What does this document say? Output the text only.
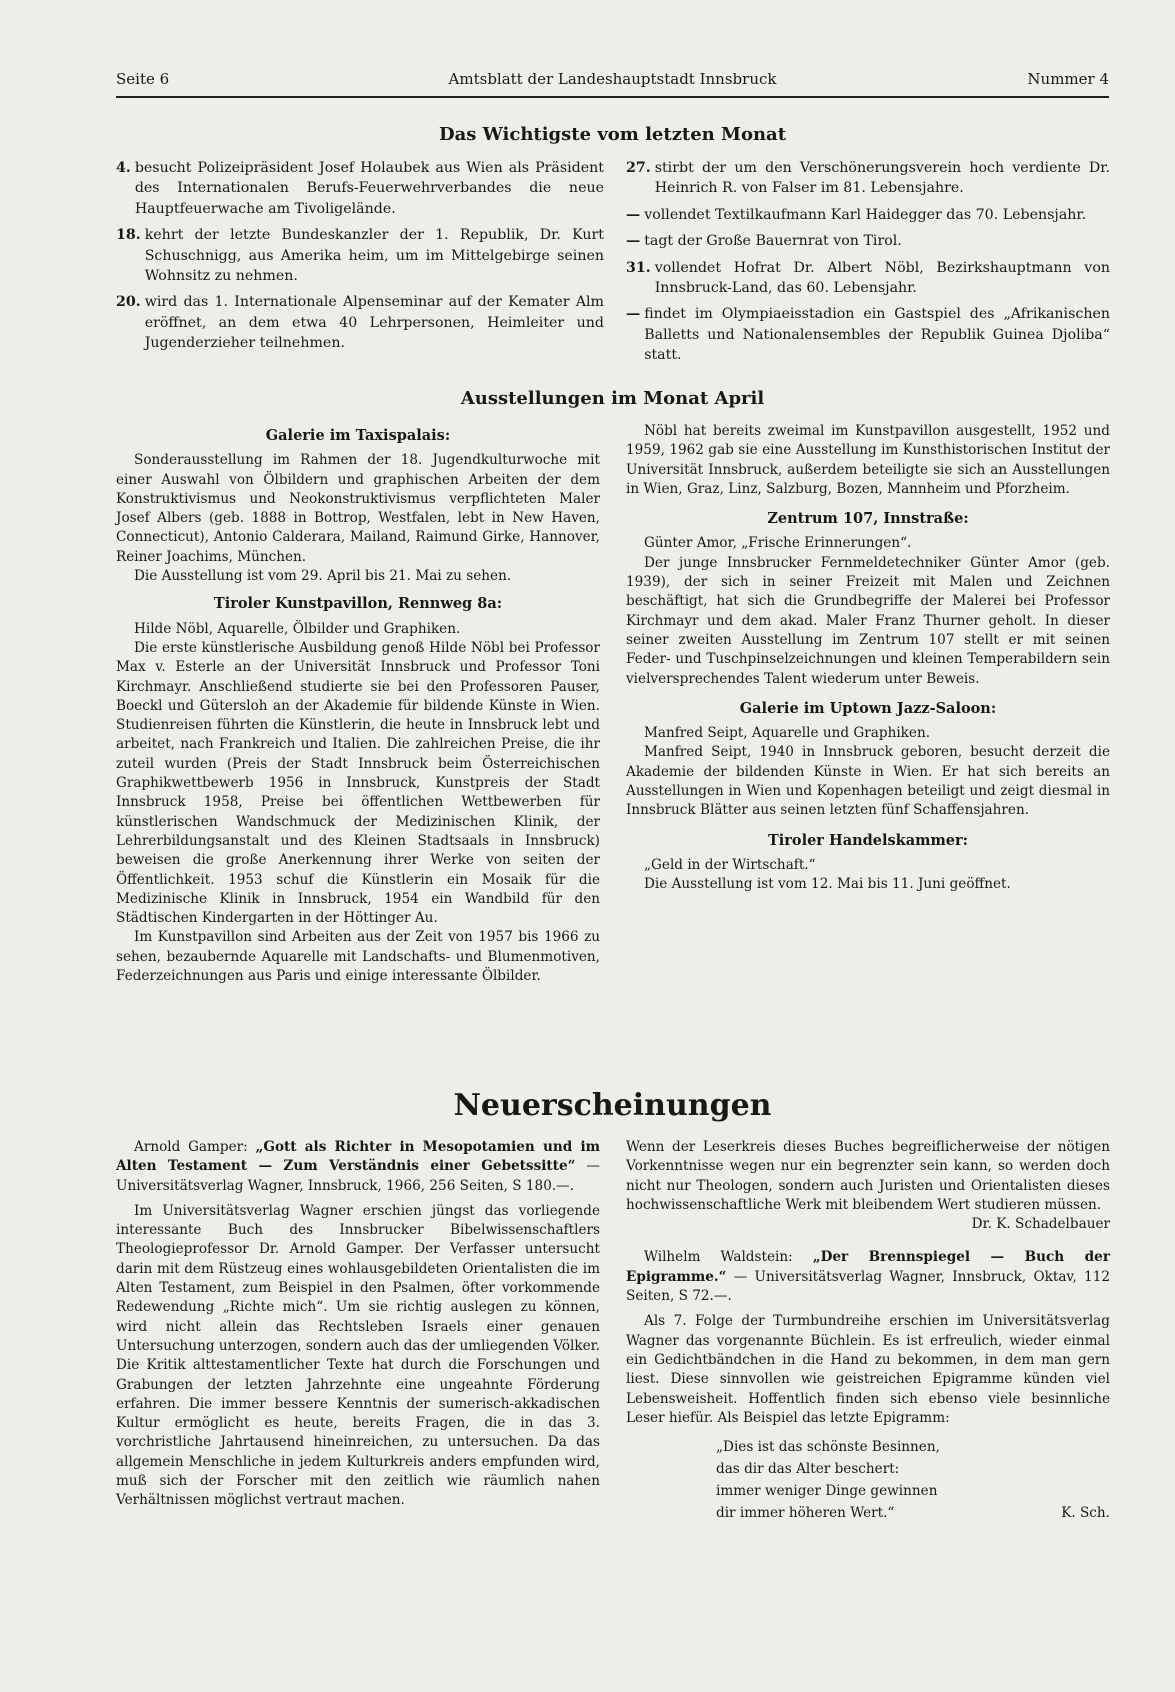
Seite 6	Amtsblatt der Landeshauptstadt Innsbruck	Nummer 4
Das Wichtigste vom letzten Monat
4. besucht Polizeipräsident Josef Holaubek aus Wien als Präsident des Internationalen Berufs-Feuerwehrverbandes die neue Hauptfeuerwache am Tivoligelände.
18. kehrt der letzte Bundeskanzler der 1. Republik, Dr. Kurt Schuschnigg, aus Amerika heim, um im Mittelgebirge seinen Wohnsitz zu nehmen.
20. wird das 1. Internationale Alpenseminar auf der Kemater Alm eröffnet, an dem etwa 40 Lehrpersonen, Heimleiter und Jugenderzieher teilnehmen.
27. stirbt der um den Verschönerungsverein hoch verdiente Dr. Heinrich R. von Falser im 81. Lebensjahre.
— vollendet Textilkaufmann Karl Haidegger das 70. Lebensjahr.
— tagt der Große Bauernrat von Tirol.
31. vollendet Hofrat Dr. Albert Nöbl, Bezirkshauptmann von Innsbruck-Land, das 60. Lebensjahr.
— findet im Olympiaeisstadion ein Gastspiel des „Afrikanischen Balletts und Nationalensembles der Republik Guinea Djoliba“ statt.
Ausstellungen im Monat April
Galerie im Taxispalais:

Sonderausstellung im Rahmen der 18. Jugendkulturwoche mit einer Auswahl von Ölbildern und graphischen Arbeiten der dem Konstruktivismus und Neokonstruktivismus verpflichteten Maler Josef Albers (geb. 1888 in Bottrop, Westfalen, lebt in New Haven, Connecticut), Antonio Calderara, Mailand, Raimund Girke, Hannover, Reiner Joachims, München.

Die Ausstellung ist vom 29. April bis 21. Mai zu sehen.

Tiroler Kunstpavillon, Rennweg 8a:

Hilde Nöbl, Aquarelle, Ölbilder und Graphiken.

Die erste künstlerische Ausbildung genoß Hilde Nöbl bei Professor Max v. Esterle an der Universität Innsbruck und Professor Toni Kirchmayr. Anschließend studierte sie bei den Professoren Pauser, Boeckl und Gütersloh an der Akademie für bildende Künste in Wien. Studienreisen führten die Künstlerin, die heute in Innsbruck lebt und arbeitet, nach Frankreich und Italien. Die zahlreichen Preise, die ihr zuteil wurden (Preis der Stadt Innsbruck beim Österreichischen Graphikwettbewerb 1956 in Innsbruck, Kunstpreis der Stadt Innsbruck 1958, Preise bei öffentlichen Wettbewerben für künstlerischen Wandschmuck der Medizinischen Klinik, der Lehrerbildungsanstalt und des Kleinen Stadtsaals in Innsbruck) beweisen die große Anerkennung ihrer Werke von seiten der Öffentlichkeit. 1953 schuf die Künstlerin ein Mosaik für die Medizinische Klinik in Innsbruck, 1954 ein Wandbild für den Städtischen Kindergarten in der Höttinger Au.

Im Kunstpavillon sind Arbeiten aus der Zeit von 1957 bis 1966 zu sehen, bezaubernde Aquarelle mit Landschafts- und Blumenmotiven, Federzeichnungen aus Paris und einige interessante Ölbilder.

Nöbl hat bereits zweimal im Kunstpavillon ausgestellt, 1952 und 1959, 1962 gab sie eine Ausstellung im Kunsthistorischen Institut der Universität Innsbruck, außerdem beteiligte sie sich an Ausstellungen in Wien, Graz, Linz, Salzburg, Bozen, Mannheim und Pforzheim.

Zentrum 107, Innstraße:

Günter Amor, „Frische Erinnerungen“.

Der junge Innsbrucker Fernmeldetechniker Günter Amor (geb. 1939), der sich in seiner Freizeit mit Malen und Zeichnen beschäftigt, hat sich die Grundbegriffe der Malerei bei Professor Kirchmayr und dem akad. Maler Franz Thurner geholt. In dieser seiner zweiten Ausstellung im Zentrum 107 stellt er mit seinen Feder- und Tuschpinselzeichnungen und kleinen Temperabildern sein vielversprechendes Talent wiederum unter Beweis.

Galerie im Uptown Jazz-Saloon:

Manfred Seipt, Aquarelle und Graphiken.

Manfred Seipt, 1940 in Innsbruck geboren, besucht derzeit die Akademie der bildenden Künste in Wien. Er hat sich bereits an Ausstellungen in Wien und Kopenhagen beteiligt und zeigt diesmal in Innsbruck Blätter aus seinen letzten fünf Schaffensjahren.

Tiroler Handelskammer:

„Geld in der Wirtschaft.“

Die Ausstellung ist vom 12. Mai bis 11. Juni geöffnet.

Neuerscheinungen

Arnold Gamper: „Gott als Richter in Mesopotamien und im Alten Testament — Zum Verständnis einer Gebetssitte“ — Universitätsverlag Wagner, Innsbruck, 1966, 256 Seiten, S 180.—.

Im Universitätsverlag Wagner erschien jüngst das vorliegende interessante Buch des Innsbrucker Bibelwissenschaftlers Theologieprofessor Dr. Arnold Gamper. Der Verfasser untersucht darin mit dem Rüstzeug eines wohlausgebildeten Orientalisten die im Alten Testament, zum Beispiel in den Psalmen, öfter vorkommende Redewendung „Richte mich“. Um sie richtig auslegen zu können, wird nicht allein das Rechtsleben Israels einer genauen Untersuchung unterzogen, sondern auch das der umliegenden Völker. Die Kritik alttestamentlicher Texte hat durch die Forschungen und Grabungen der letzten Jahrzehnte eine ungeahnte Förderung erfahren. Die immer bessere Kenntnis der sumerisch-akkadischen Kultur ermöglicht es heute, bereits Fragen, die in das 3. vorchristliche Jahrtausend hineinreichen, zu untersuchen. Da das allgemein Menschliche in jedem Kulturkreis anders empfunden wird, muß sich der Forscher mit den zeitlich wie räumlich nahen Verhältnissen möglichst vertraut machen.

Wenn der Leserkreis dieses Buches begreiflicherweise der nötigen Vorkenntnisse wegen nur ein begrenzter sein kann, so werden doch nicht nur Theologen, sondern auch Juristen und Orientalisten dieses hochwissenschaftliche Werk mit bleibendem Wert studieren müssen.

Dr. K. Schadelbauer

Wilhelm Waldstein: „Der Brennspiegel — Buch der Epigramme.“ — Universitätsverlag Wagner, Innsbruck, Oktav, 112 Seiten, S 72.—.

Als 7. Folge der Turmbundreihe erschien im Universitätsverlag Wagner das vorgenannte Büchlein. Es ist erfreulich, wieder einmal ein Gedichtbändchen in die Hand zu bekommen, in dem man gern liest. Diese sinnvollen wie geistreichen Epigramme künden viel Lebensweisheit. Hoffentlich finden sich ebenso viele besinnliche Leser hiefür. Als Beispiel das letzte Epigramm:

„Dies ist das schönste Besinnen,
das dir das Alter beschert:
immer weniger Dinge gewinnen
dir immer höheren Wert.“	K. Sch.
